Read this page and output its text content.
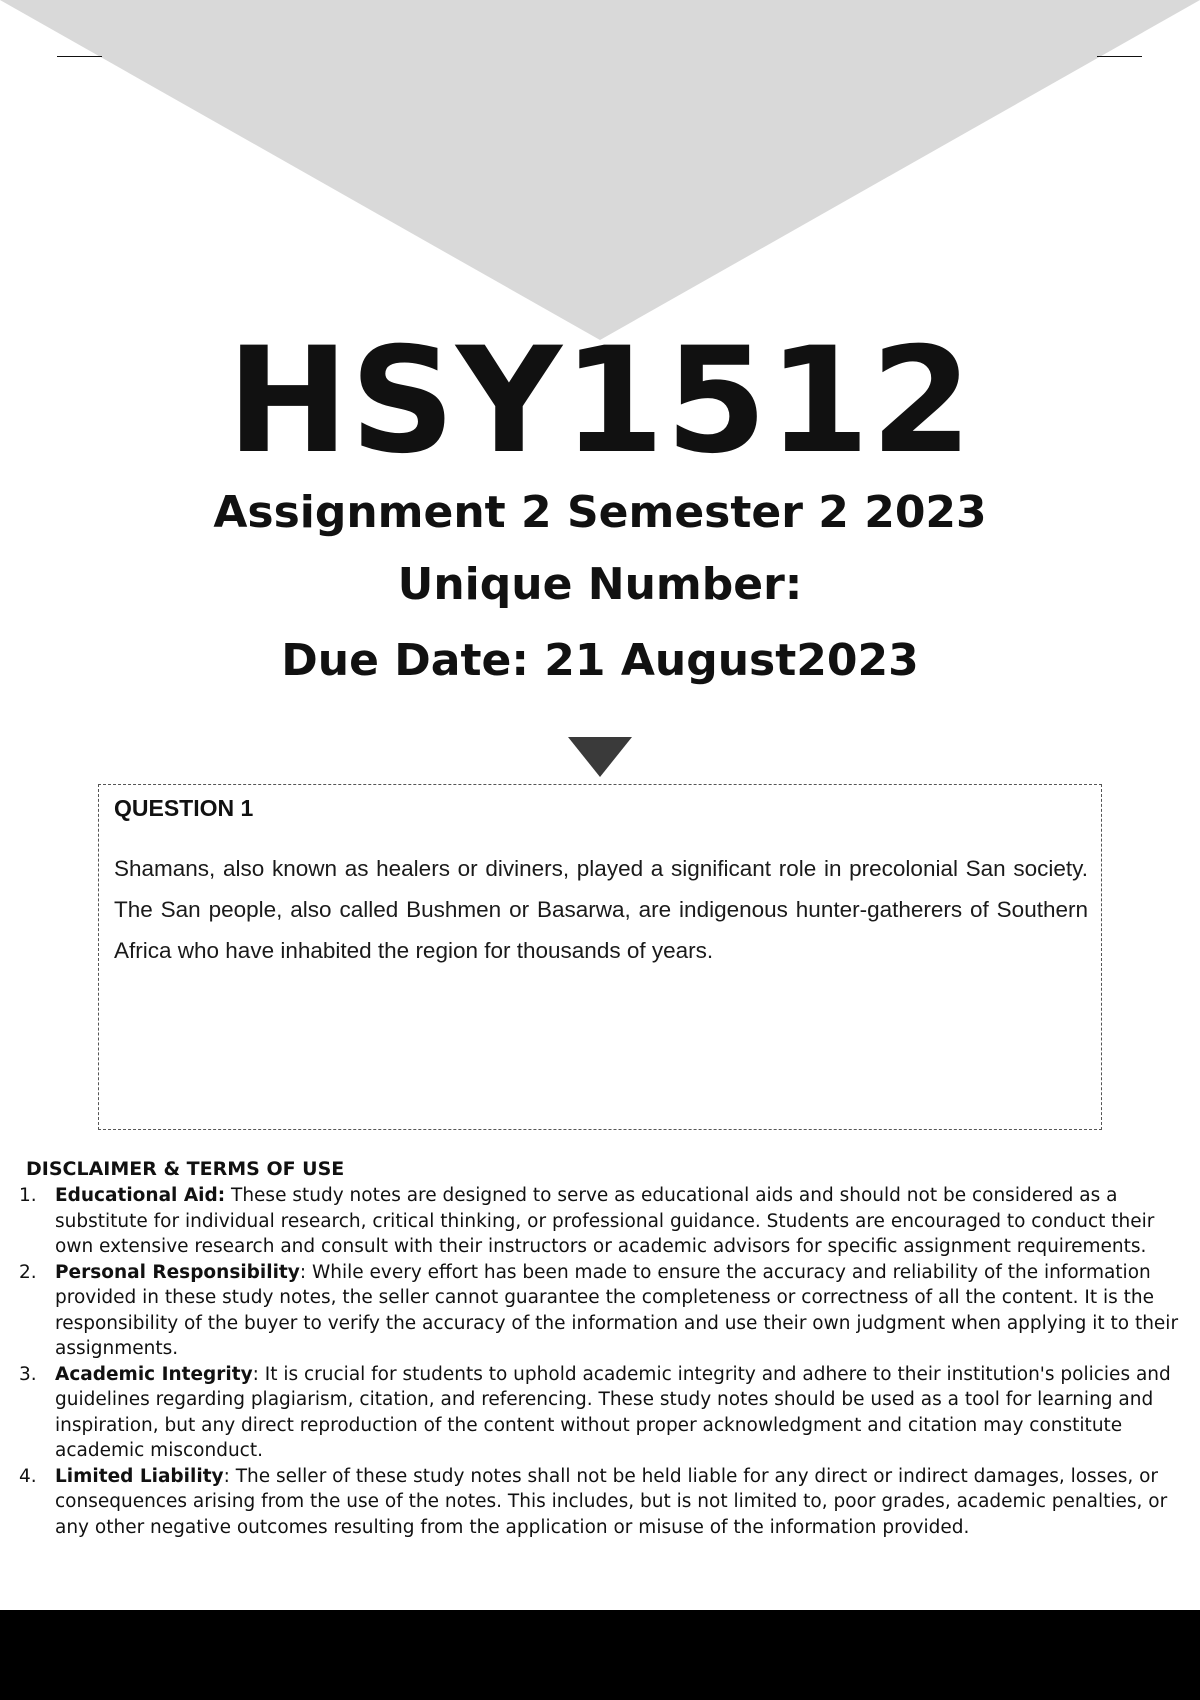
HSY1512
Assignment 2 Semester 2 2023
Unique Number:
Due Date: 21 August2023
QUESTION 1
Shamans, also known as healers or diviners, played a significant role in precolonial San society. The San people, also called Bushmen or Basarwa, are indigenous hunter-gatherers of Southern Africa who have inhabited the region for thousands of years.
DISCLAIMER & TERMS OF USE
1. Educational Aid: These study notes are designed to serve as educational aids and should not be considered as a substitute for individual research, critical thinking, or professional guidance. Students are encouraged to conduct their own extensive research and consult with their instructors or academic advisors for specific assignment requirements.
2. Personal Responsibility: While every effort has been made to ensure the accuracy and reliability of the information provided in these study notes, the seller cannot guarantee the completeness or correctness of all the content. It is the responsibility of the buyer to verify the accuracy of the information and use their own judgment when applying it to their assignments.
3. Academic Integrity: It is crucial for students to uphold academic integrity and adhere to their institution's policies and guidelines regarding plagiarism, citation, and referencing. These study notes should be used as a tool for learning and inspiration, but any direct reproduction of the content without proper acknowledgment and citation may constitute academic misconduct.
4. Limited Liability: The seller of these study notes shall not be held liable for any direct or indirect damages, losses, or consequences arising from the use of the notes. This includes, but is not limited to, poor grades, academic penalties, or any other negative outcomes resulting from the application or misuse of the information provided.
